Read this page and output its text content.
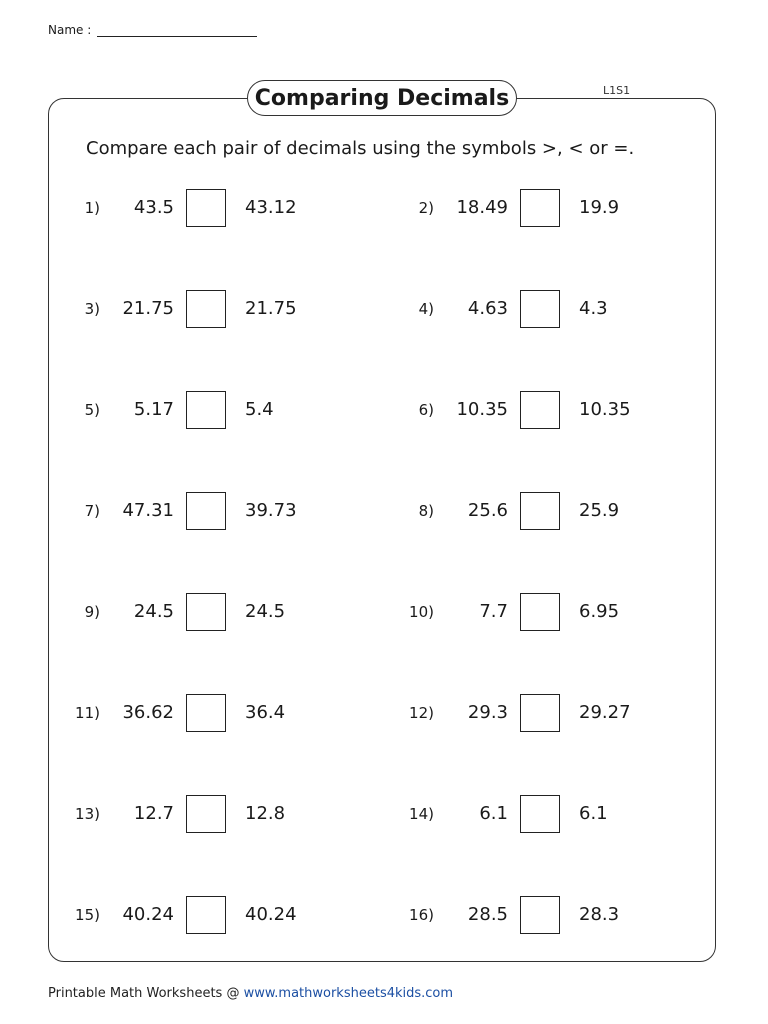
Name :
Comparing Decimals	L1S1
Compare each pair of decimals using the symbols >, < or =.
1)	43.5	43.12	2)	18.49	19.9
3)	21.75	21.75	4)	4.63	4.3
5)	5.17	5.4	6)	10.35	10.35
7)	47.31	39.73	8)	25.6	25.9
9)	24.5	24.5	10)	7.7	6.95
11)	36.62	36.4	12)	29.3	29.27
13)	12.7	12.8	14)	6.1	6.1
15)	40.24	40.24	16)	28.5	28.3
Printable Math Worksheets @ www.mathworksheets4kids.com
